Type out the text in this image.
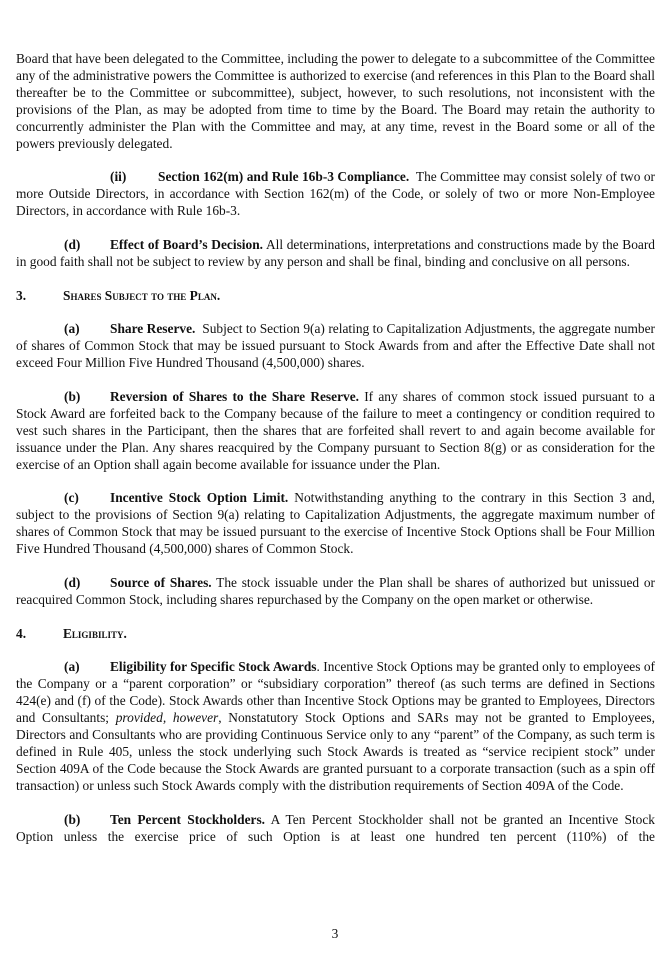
Board that have been delegated to the Committee, including the power to delegate to a subcommittee of the Committee any of the administrative powers the Committee is authorized to exercise (and references in this Plan to the Board shall thereafter be to the Committee or subcommittee), subject, however, to such resolutions, not inconsistent with the provisions of the Plan, as may be adopted from time to time by the Board. The Board may retain the authority to concurrently administer the Plan with the Committee and may, at any time, revest in the Board some or all of the powers previously delegated.

(ii) Section 162(m) and Rule 16b-3 Compliance.  The Committee may consist solely of two or more Outside Directors, in accordance with Section 162(m) of the Code, or solely of two or more Non-Employee Directors, in accordance with Rule 16b-3.

(d) Effect of Board’s Decision. All determinations, interpretations and constructions made by the Board in good faith shall not be subject to review by any person and shall be final, binding and conclusive on all persons.

3.	Shares Subject to the Plan.

(a) Share Reserve.  Subject to Section 9(a) relating to Capitalization Adjustments, the aggregate number of shares of Common Stock that may be issued pursuant to Stock Awards from and after the Effective Date shall not exceed Four Million Five Hundred Thousand (4,500,000) shares.

(b) Reversion of Shares to the Share Reserve. If any shares of common stock issued pursuant to a Stock Award are forfeited back to the Company because of the failure to meet a contingency or condition required to vest such shares in the Participant, then the shares that are forfeited shall revert to and again become available for issuance under the Plan. Any shares reacquired by the Company pursuant to Section 8(g) or as consideration for the exercise of an Option shall again become available for issuance under the Plan.

(c) Incentive Stock Option Limit. Notwithstanding anything to the contrary in this Section 3 and, subject to the provisions of Section 9(a) relating to Capitalization Adjustments, the aggregate maximum number of shares of Common Stock that may be issued pursuant to the exercise of Incentive Stock Options shall be Four Million Five Hundred Thousand (4,500,000) shares of Common Stock.

(d) Source of Shares. The stock issuable under the Plan shall be shares of authorized but unissued or reacquired Common Stock, including shares repurchased by the Company on the open market or otherwise.

4.	Eligibility.

(a) Eligibility for Specific Stock Awards. Incentive Stock Options may be granted only to employees of the Company or a “parent corporation” or “subsidiary corporation” thereof (as such terms are defined in Sections 424(e) and (f) of the Code). Stock Awards other than Incentive Stock Options may be granted to Employees, Directors and Consultants; provided, however, Nonstatutory Stock Options and SARs may not be granted to Employees, Directors and Consultants who are providing Continuous Service only to any “parent” of the Company, as such term is defined in Rule 405, unless the stock underlying such Stock Awards is treated as “service recipient stock” under Section 409A of the Code because the Stock Awards are granted pursuant to a corporate transaction (such as a spin off transaction) or unless such Stock Awards comply with the distribution requirements of Section 409A of the Code.

(b) Ten Percent Stockholders. A Ten Percent Stockholder shall not be granted an Incentive Stock Option unless the exercise price of such Option is at least one hundred ten percent (110%) of the

3
